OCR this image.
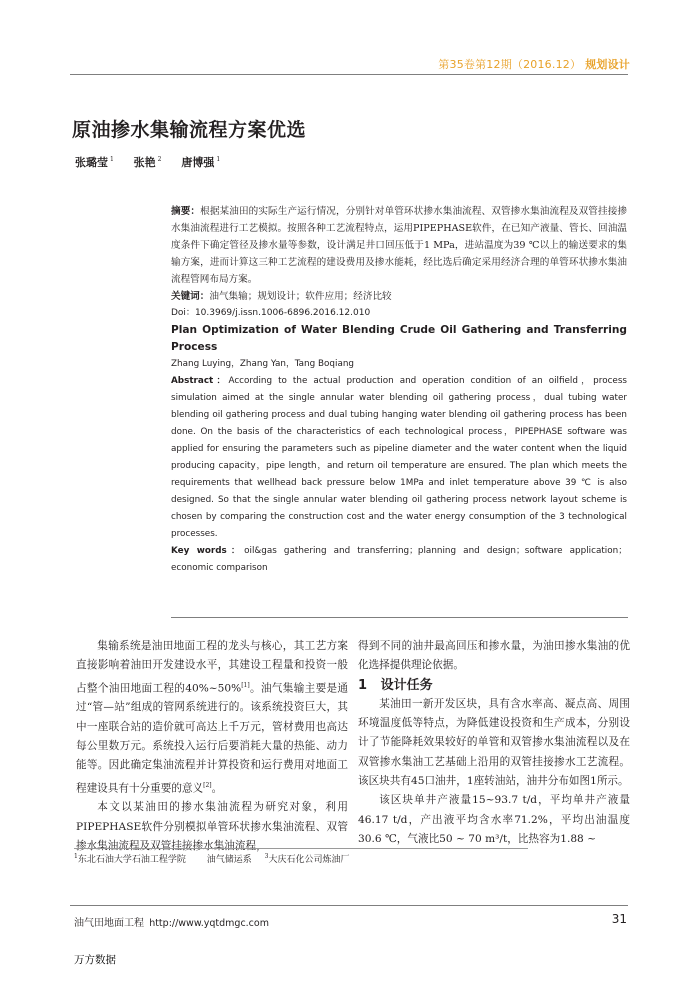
第35卷第12期（2016.12） 规划设计
原油掺水集输流程方案优选
张璐莹 $^1$ 张艳 $^2$ 唐博强 $^1$

摘要：根据某油田的实际生产运行情况，分别针对单管环状掺水集油流程、双管掺水集油流程及双管挂接掺水集油流程进行工艺模拟。按照各种工艺流程特点，运用PIPEPHASE软件，在已知产液量、管长、回油温度条件下确定管径及掺水量等参数，设计满足井口回压低于1 MPa，进站温度为39 ℃以上的输送要求的集输方案，进而计算这三种工艺流程的建设费用及掺水能耗，经比选后确定采用经济合理的单管环状掺水集油流程管网布局方案。

关键词：油气集输；规划设计；软件应用；经济比较

Doi：10.3969/j.issn.1006-6896.2016.12.010

Plan Optimization of Water Blending Crude Oil Gathering and Transferring Process

Zhang Luying，Zhang Yan，Tang Boqiang

Abstract：According to the actual production and operation condition of an oilfield，process simulation aimed at the single annular water blending oil gathering process，dual tubing water blending oil gathering process and dual tubing hanging water blending oil gathering process has been done. On the basis of the characteristics of each technological process，PIPEPHASE software was applied for ensuring the parameters such as pipeline diameter and the water content when the liquid producing capacity，pipe length，and return oil temperature are ensured. The plan which meets the requirements that wellhead back pressure below 1MPa and inlet temperature above 39 ℃ is also designed. So that the single annular water blending oil gathering process network layout scheme is chosen by comparing the construction cost and the water energy consumption of the 3 technological processes.

Key words：oil&gas gathering and transferring；planning and design；software application；economic comparison

集输系统是油田地面工程的龙头与核心，其工艺方案直接影响着油田开发建设水平，其建设工程量和投资一般占整个油田地面工程的40%~50%[1]。油气集输主要是通过“管—站”组成的管网系统进行的。该系统投资巨大，其中一座联合站的造价就可高达上千万元，管材费用也高达每公里数万元。系统投入运行后要消耗大量的热能、动力能等。因此确定集油流程并计算投资和运行费用对地面工程建设具有十分重要的意义[2]。

本文以某油田的掺水集油流程为研究对象，利用PIPEPHASE软件分别模拟单管环状掺水集油流程、双管掺水集油流程及双管挂接掺水集油流程，

得到不同的油井最高回压和掺水量，为油田掺水集油的优化选择提供理论依据。

1 设计任务

某油田一新开发区块，具有含水率高、凝点高、周围环境温度低等特点，为降低建设投资和生产成本，分别设计了节能降耗效果较好的单管和双管掺水集油流程以及在双管掺水集油工艺基础上沿用的双管挂接掺水工艺流程。该区块共有45口油井，1座转油站，油井分布如图1所示。

该区块单井产液量15~93.7 t/d，平均单井产液量46.17 t/d，产出液平均含水率71.2%，平均出油温度30.6 ℃，气液比50 ~ 70 m³/t，比热容为1.88 ~

$^1$东北石油大学石油工程学院 油气储运系 $^3$大庆石化公司炼油厂
油气田地面工程 http://www.yqtdmgc.com	31
万方数据
